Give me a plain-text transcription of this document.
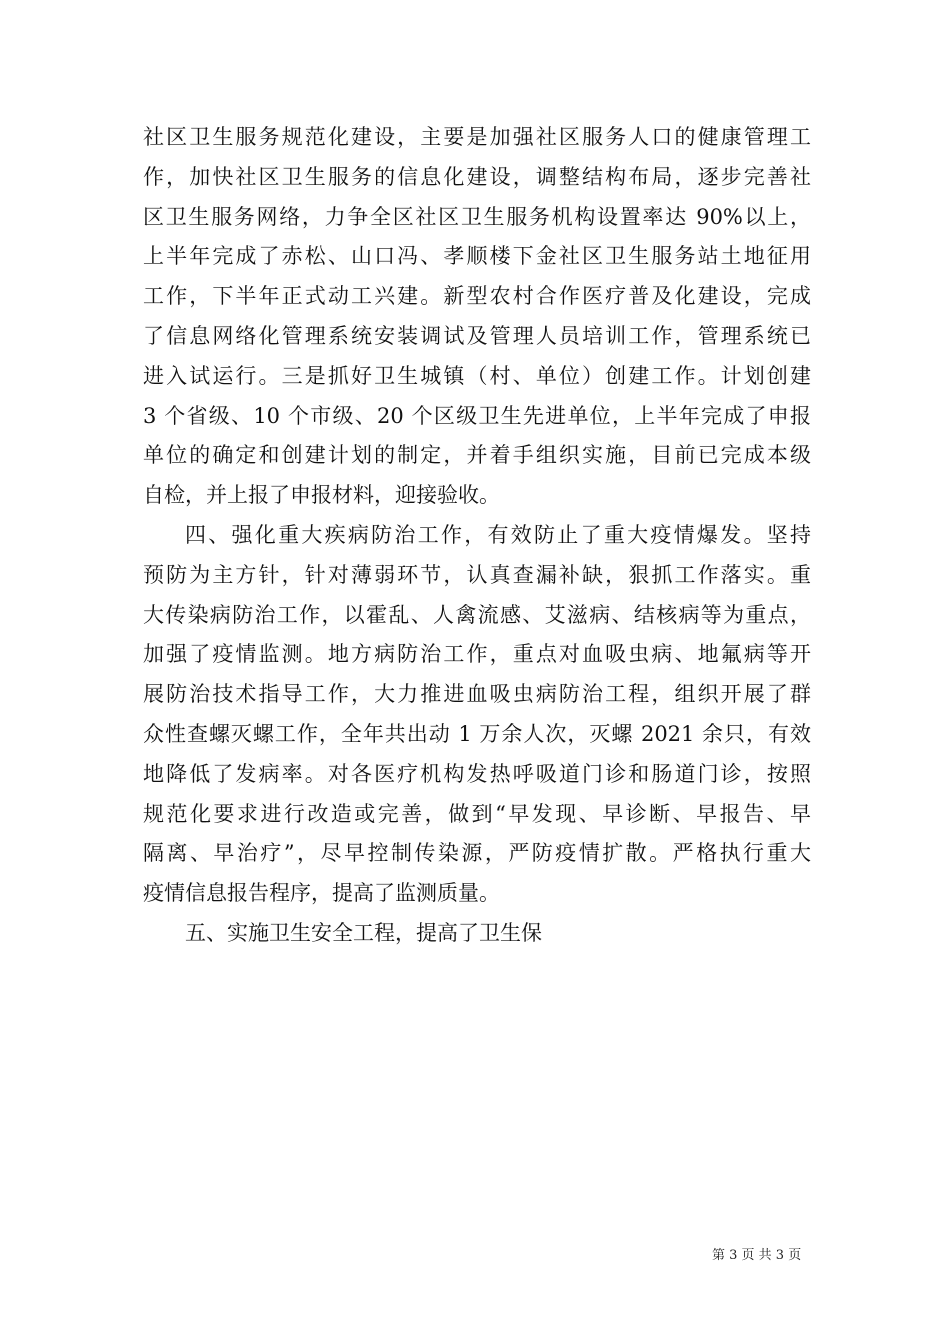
社区卫生服务规范化建设，主要是加强社区服务人口的健康管理工
作，加快社区卫生服务的信息化建设，调整结构布局，逐步完善社
区卫生服务网络，力争全区社区卫生服务机构设置率达 90%以上，
上半年完成了赤松、山口冯、孝顺楼下金社区卫生服务站土地征用
工作，下半年正式动工兴建。新型农村合作医疗普及化建设，完成
了信息网络化管理系统安装调试及管理人员培训工作，管理系统已
进入试运行。三是抓好卫生城镇（村、单位）创建工作。计划创建
3 个省级、10 个市级、20 个区级卫生先进单位，上半年完成了申报
单位的确定和创建计划的制定，并着手组织实施，目前已完成本级
自检，并上报了申报材料，迎接验收。
四、强化重大疾病防治工作，有效防止了重大疫情爆发。坚持
预防为主方针，针对薄弱环节，认真查漏补缺，狠抓工作落实。重
大传染病防治工作，以霍乱、人禽流感、艾滋病、结核病等为重点，
加强了疫情监测。地方病防治工作，重点对血吸虫病、地氟病等开
展防治技术指导工作，大力推进血吸虫病防治工程，组织开展了群
众性查螺灭螺工作，全年共出动 1 万余人次，灭螺 2021 余只，有效
地降低了发病率。对各医疗机构发热呼吸道门诊和肠道门诊，按照
规范化要求进行改造或完善，做到“早发现、早诊断、早报告、早
隔离、早治疗”，尽早控制传染源，严防疫情扩散。严格执行重大
疫情信息报告程序，提高了监测质量。
五、实施卫生安全工程，提高了卫生保
第 3 页 共 3 页
